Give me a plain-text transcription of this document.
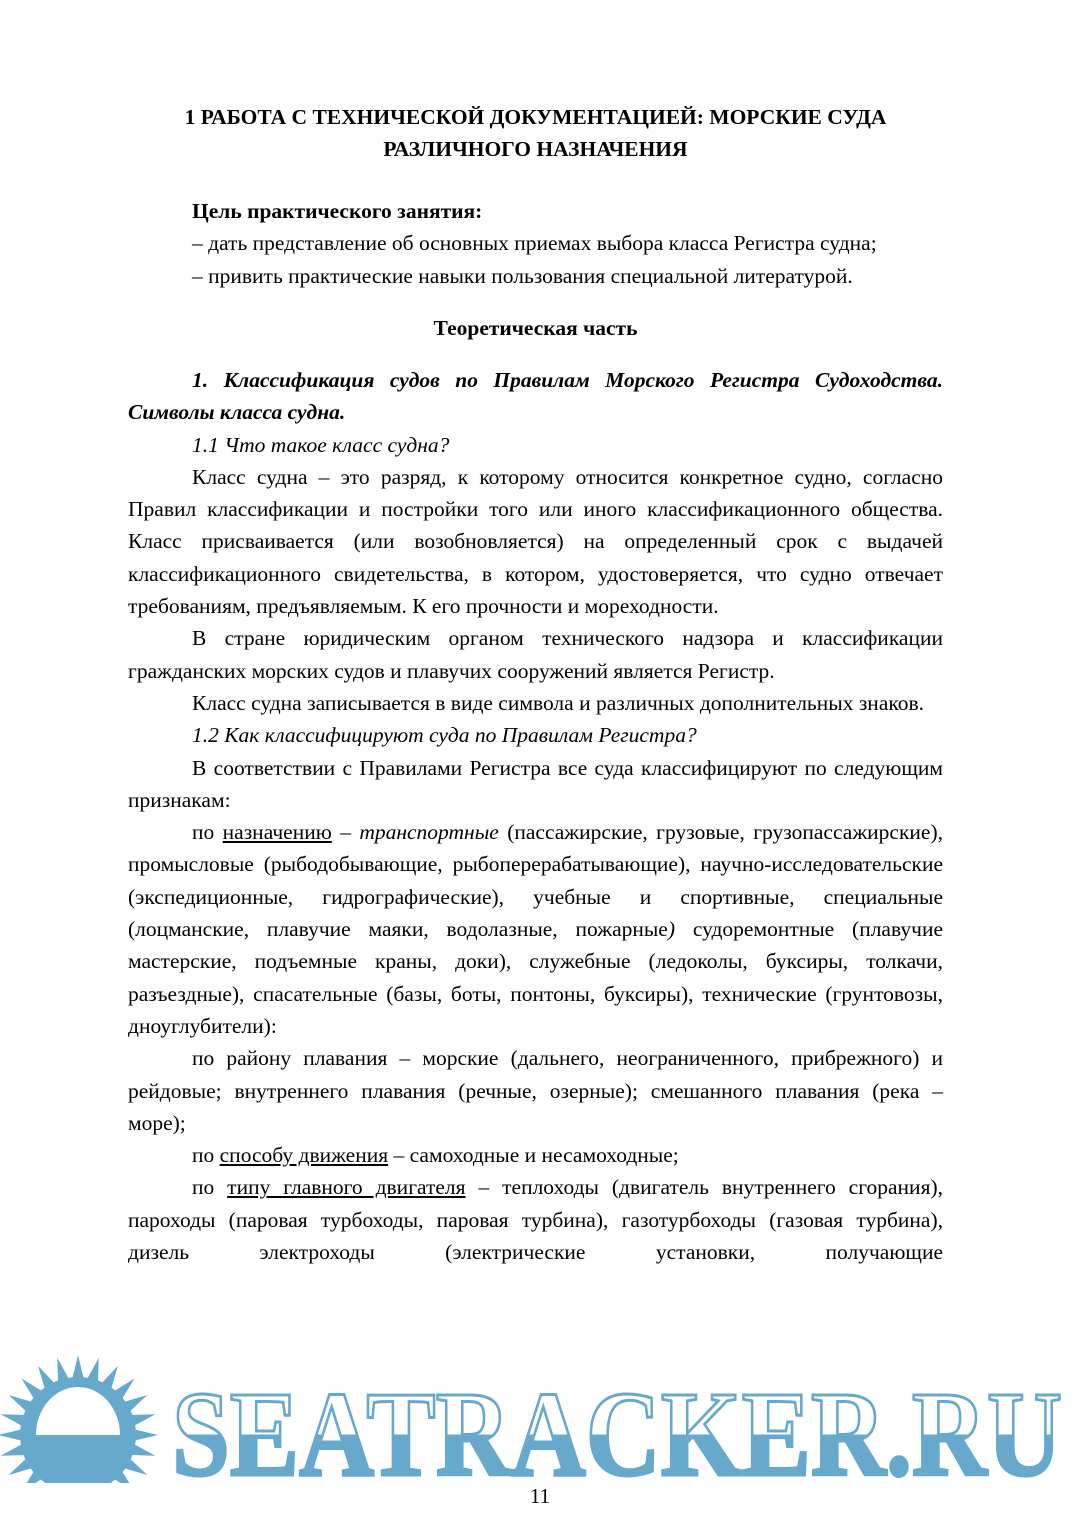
1 РАБОТА С ТЕХНИЧЕСКОЙ ДОКУМЕНТАЦИЕЙ: МОРСКИЕ СУДА
РАЗЛИЧНОГО НАЗНАЧЕНИЯ

Цель практического занятия:

– дать представление об основных приемах выбора класса Регистра судна;

– привить практические навыки пользования специальной литературой.

Теоретическая часть

1. Классификация судов по Правилам Морского Регистра Судоходства. Символы класса судна.

1.1 Что такое класс судна?

Класс судна – это разряд, к которому относится конкретное судно, согласно Правил классификации и постройки того или иного классификационного общества. Класс присваивается (или возобновляется) на определенный срок с выдачей классификационного свидетельства, в котором, удостоверяется, что судно отвечает требованиям, предъявляемым. К его прочности и мореходности.

В стране юридическим органом технического надзора и классификации гражданских морских судов и плавучих сооружений является Регистр.

Класс судна записывается в виде символа и различных дополнительных знаков.

1.2 Как классифицируют суда по Правилам Регистра?

В соответствии с Правилами Регистра все суда классифицируют по следующим признакам:

по назначению – транспортные (пассажирские, грузовые, грузопассажирские), промысловые (рыбодобывающие, рыбоперерабатывающие), научно-исследовательские (экспедиционные, гидрографические), учебные и спортивные, специальные (лоцманские, плавучие маяки, водолазные, пожарные) судоремонтные (плавучие мастерские, подъемные краны, доки), служебные (ледоколы, буксиры, толкачи, разъездные), спасательные (базы, боты, понтоны, буксиры), технические (грунтовозы, дноуглубители):

по району плавания – морские (дальнего, неограниченного, прибрежного) и рейдовые; внутреннего плавания (речные, озерные); смешанного плавания (река – море);

по способу движения – самоходные и несамоходные;

по типу главного двигателя – теплоходы (двигатель внутреннего сгорания), пароходы (паровая турбоходы, паровая турбина), газотурбоходы (газовая турбина), дизель электроходы (электрические установки, получающие

SEATRACKER.RU
11
